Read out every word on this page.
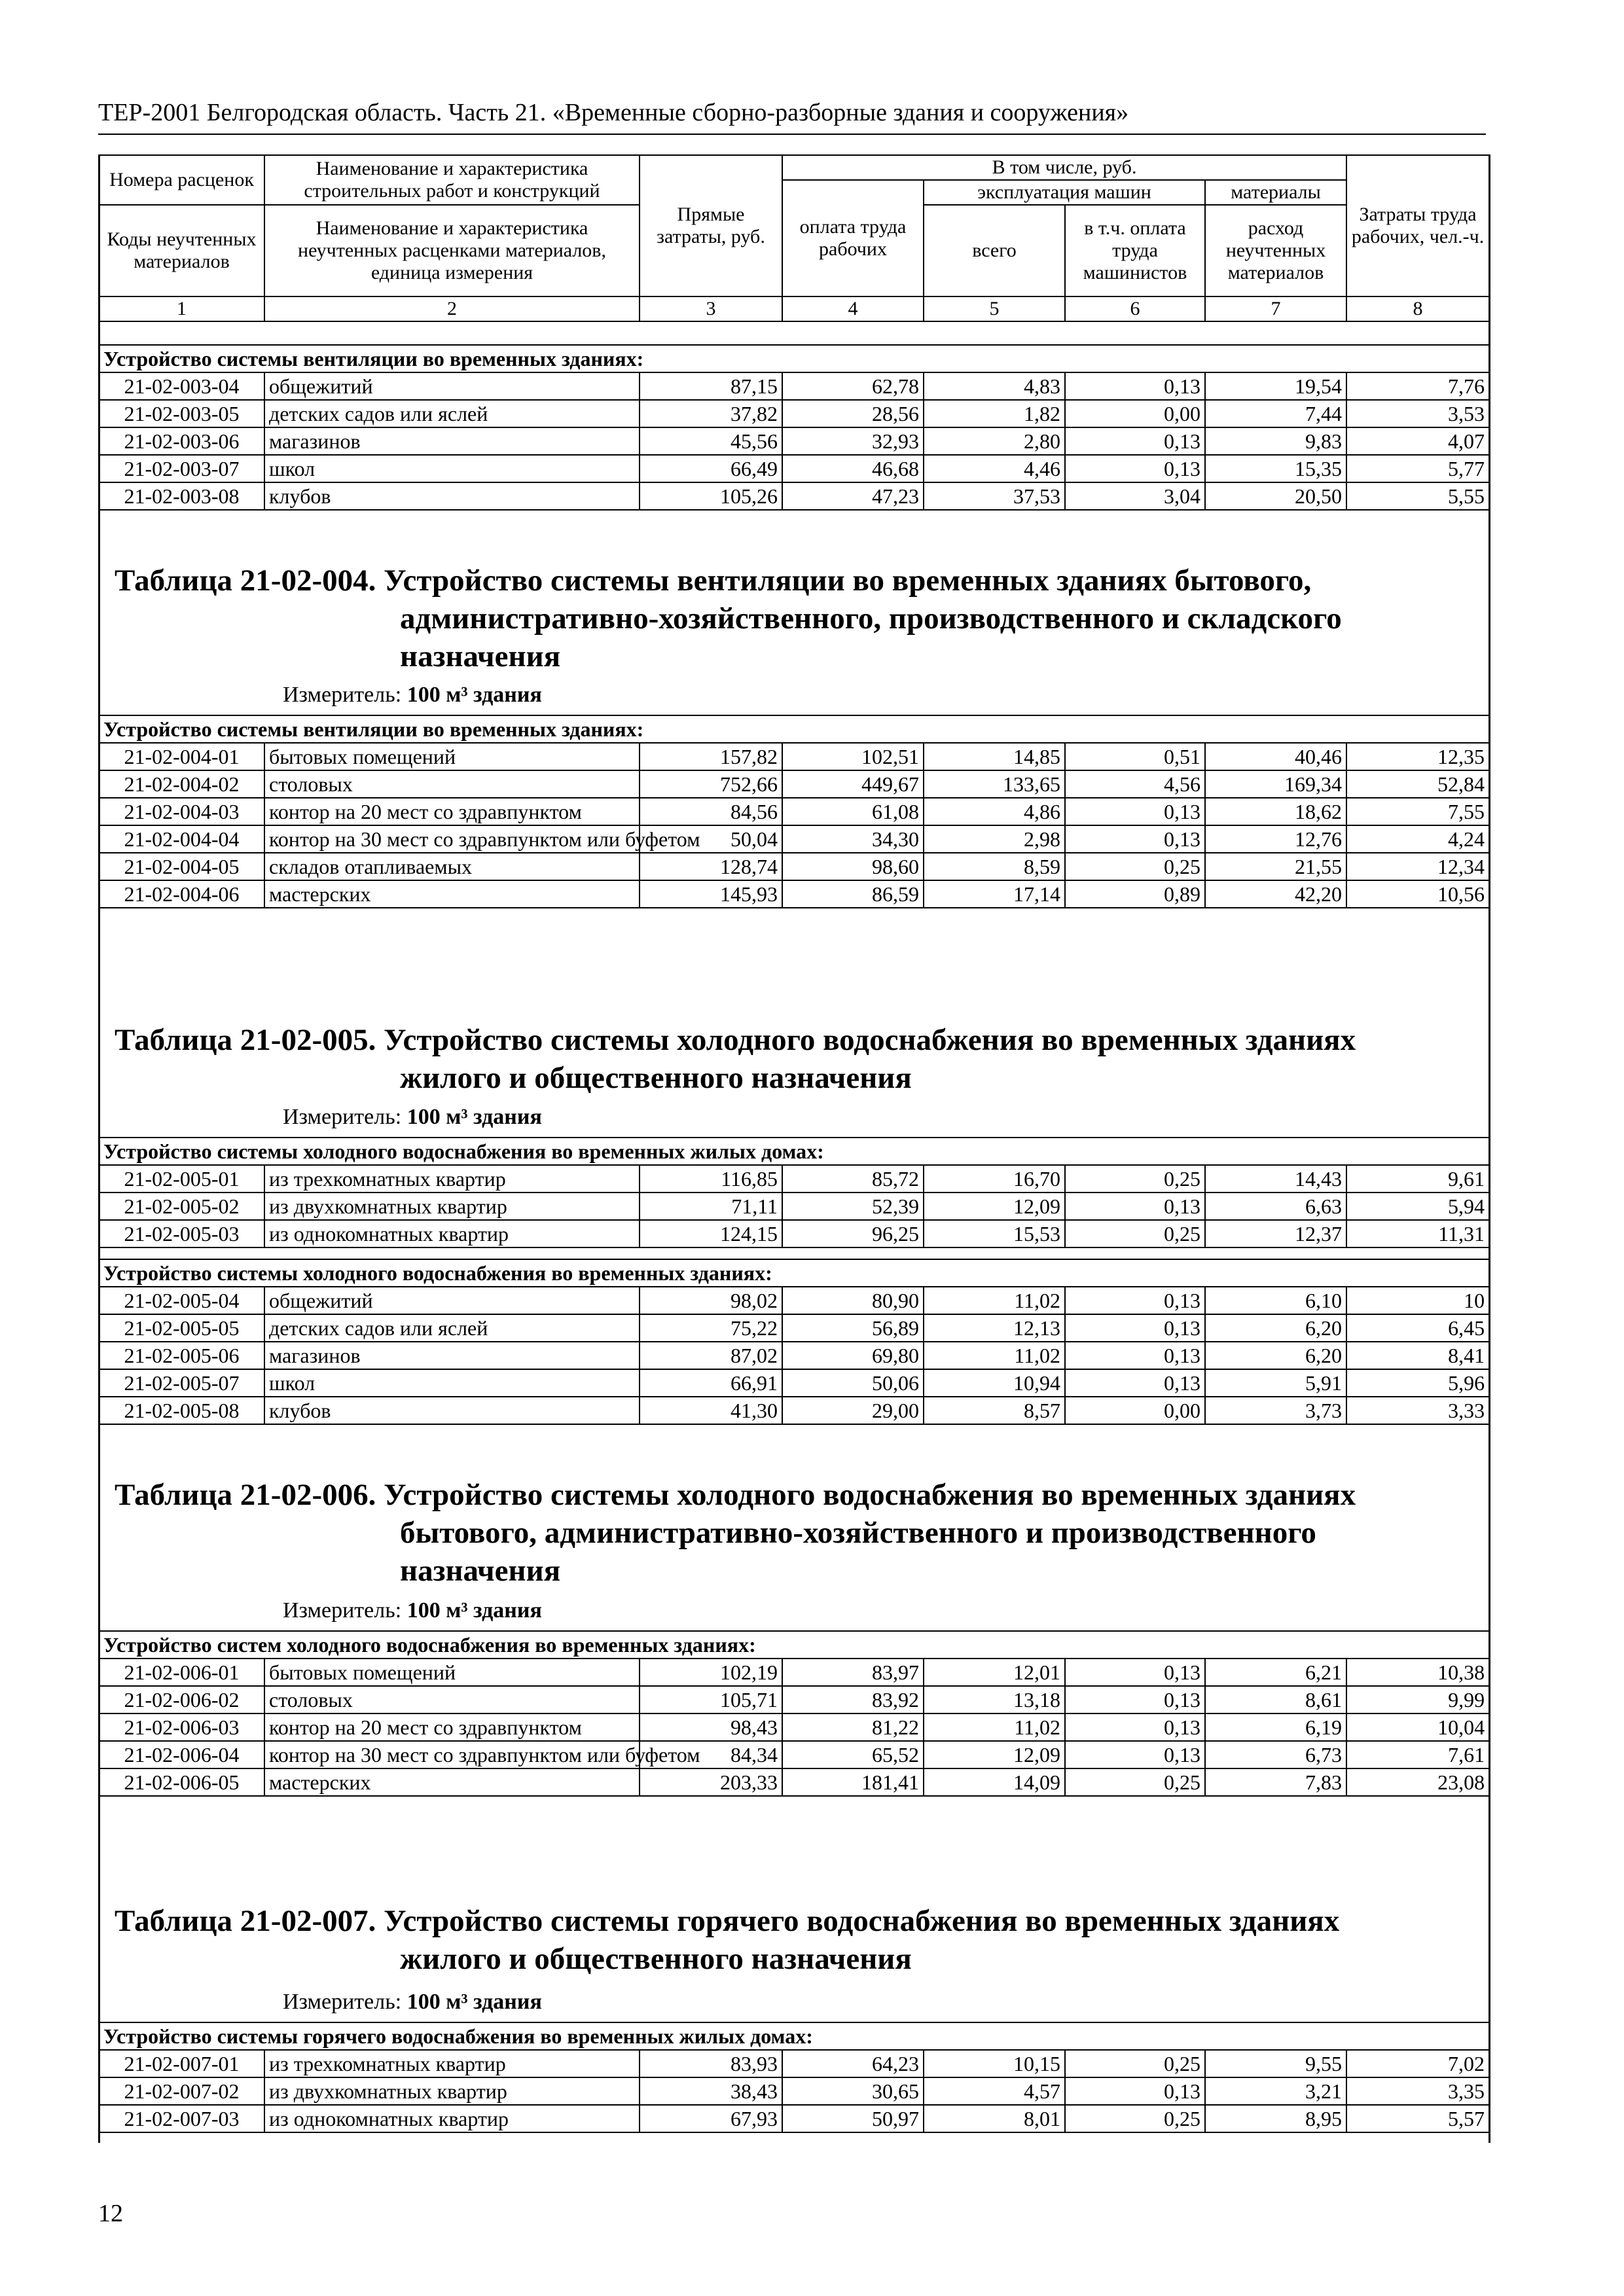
ТЕР-2001 Белгородская область. Часть 21. «Временные сборно-разборные здания и сооружения»
Номера расценок	Наименование и характеристика строительных работ и конструкций	Прямые затраты, руб.	В том числе, руб.				Затраты труда рабочих, чел.-ч.
			оплата труда рабочих	эксплуатация машин		материалы	
Коды неучтенных материалов	Наименование и характеристика неучтенных расценками материалов, единица измерения			всего	в т.ч. оплата труда машинистов	расход неучтенных материалов	

1	2	3	4	5	6	7	8
Устройство системы вентиляции во временных зданиях:							
21-02-003-04	общежитий	87,15	62,78	4,83	0,13	19,54	7,76
21-02-003-05	детских садов или яслей	37,82	28,56	1,82	0,00	7,44	3,53
21-02-003-06	магазинов	45,56	32,93	2,80	0,13	9,83	4,07
21-02-003-07	школ	66,49	46,68	4,46	0,13	15,35	5,77
21-02-003-08	клубов	105,26	47,23	37,53	3,04	20,50	5,55
Таблица 21-02-004. Устройство системы вентиляции во временных зданиях бытового,
административно-хозяйственного, производственного и складского
назначения
Измеритель: 100 м³ здания
Устройство системы вентиляции во временных зданиях:							
21-02-004-01	бытовых помещений	157,82	102,51	14,85	0,51	40,46	12,35
21-02-004-02	столовых	752,66	449,67	133,65	4,56	169,34	52,84
21-02-004-03	контор на 20 мест со здравпунктом	84,56	61,08	4,86	0,13	18,62	7,55
21-02-004-04	контор на 30 мест со здравпунктом или буфетом	50,04	34,30	2,98	0,13	12,76	4,24
21-02-004-05	складов отапливаемых	128,74	98,60	8,59	0,25	21,55	12,34
21-02-004-06	мастерских	145,93	86,59	17,14	0,89	42,20	10,56
Таблица 21-02-005. Устройство системы холодного водоснабжения во временных зданиях
жилого и общественного назначения
Измеритель: 100 м³ здания
Устройство системы холодного водоснабжения во временных жилых домах:							
21-02-005-01	из трехкомнатных квартир	116,85	85,72	16,70	0,25	14,43	9,61
21-02-005-02	из двухкомнатных квартир	71,11	52,39	12,09	0,13	6,63	5,94
21-02-005-03	из однокомнатных квартир	124,15	96,25	15,53	0,25	12,37	11,31
Устройство системы холодного водоснабжения во временных зданиях:							
21-02-005-04	общежитий	98,02	80,90	11,02	0,13	6,10	10
21-02-005-05	детских садов или яслей	75,22	56,89	12,13	0,13	6,20	6,45
21-02-005-06	магазинов	87,02	69,80	11,02	0,13	6,20	8,41
21-02-005-07	школ	66,91	50,06	10,94	0,13	5,91	5,96
21-02-005-08	клубов	41,30	29,00	8,57	0,00	3,73	3,33
Таблица 21-02-006. Устройство системы холодного водоснабжения во временных зданиях
бытового, административно-хозяйственного и производственного
назначения
Измеритель: 100 м³ здания
Устройство систем холодного водоснабжения во временных зданиях:							
21-02-006-01	бытовых помещений	102,19	83,97	12,01	0,13	6,21	10,38
21-02-006-02	столовых	105,71	83,92	13,18	0,13	8,61	9,99
21-02-006-03	контор на 20 мест со здравпунктом	98,43	81,22	11,02	0,13	6,19	10,04
21-02-006-04	контор на 30 мест со здравпунктом или буфетом	84,34	65,52	12,09	0,13	6,73	7,61
21-02-006-05	мастерских	203,33	181,41	14,09	0,25	7,83	23,08
Таблица 21-02-007. Устройство системы горячего водоснабжения во временных зданиях
жилого и общественного назначения
Измеритель: 100 м³ здания
Устройство системы горячего водоснабжения во временных жилых домах:							
21-02-007-01	из трехкомнатных квартир	83,93	64,23	10,15	0,25	9,55	7,02
21-02-007-02	из двухкомнатных квартир	38,43	30,65	4,57	0,13	3,21	3,35
21-02-007-03	из однокомнатных квартир	67,93	50,97	8,01	0,25	8,95	5,57
12
